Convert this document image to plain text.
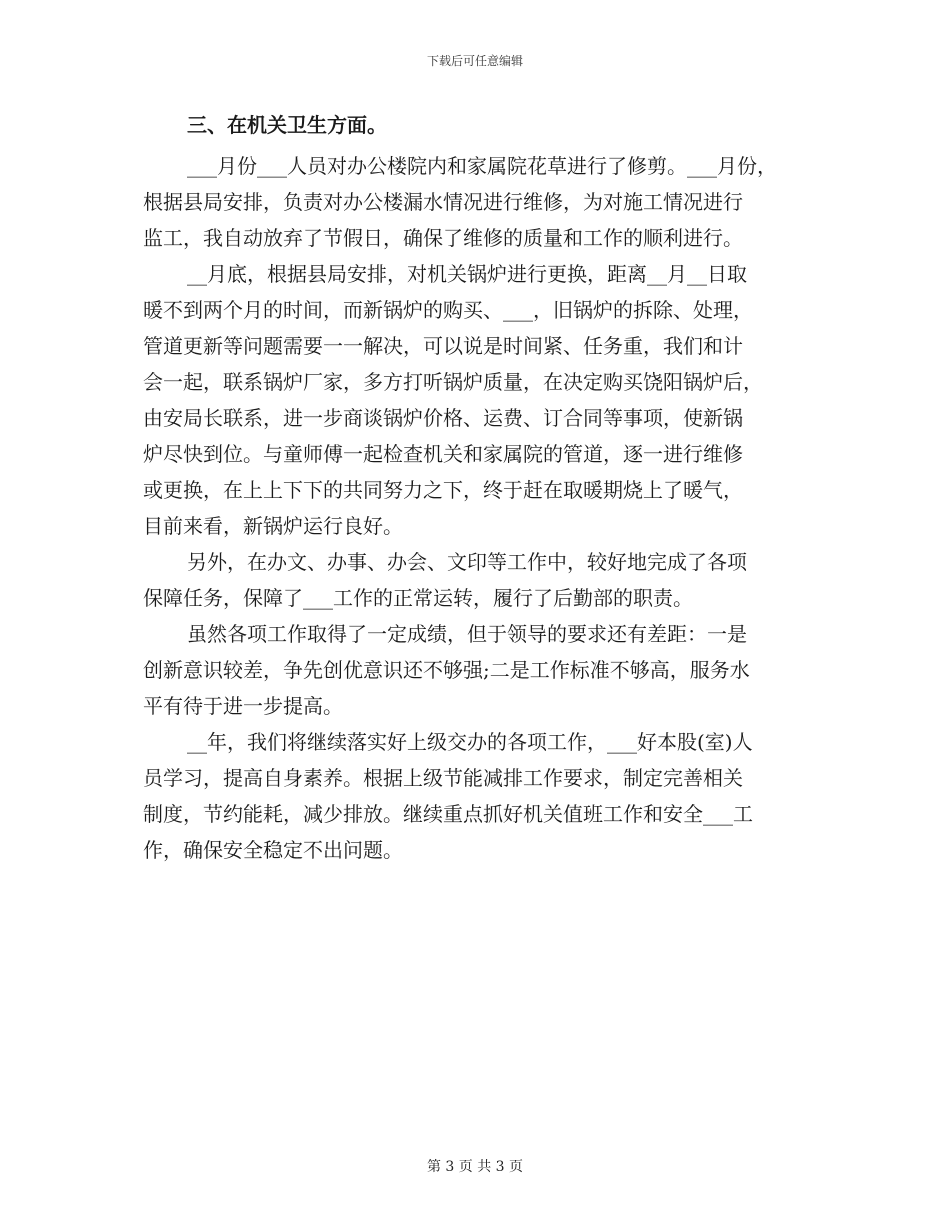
下载后可任意编辑
三、在机关卫生方面。
___月份___人员对办公楼院内和家属院花草进行了修剪。___月份，
根据县局安排，负责对办公楼漏水情况进行维修，为对施工情况进行
监工，我自动放弃了节假日，确保了维修的质量和工作的顺利进行。
__月底，根据县局安排，对机关锅炉进行更换，距离__月__日取
暖不到两个月的时间，而新锅炉的购买、___，旧锅炉的拆除、处理，
管道更新等问题需要一一解决，可以说是时间紧、任务重，我们和计
会一起，联系锅炉厂家，多方打听锅炉质量，在决定购买饶阳锅炉后，
由安局长联系，进一步商谈锅炉价格、运费、订合同等事项，使新锅
炉尽快到位。与童师傅一起检查机关和家属院的管道，逐一进行维修
或更换，在上上下下的共同努力之下，终于赶在取暖期烧上了暖气，
目前来看，新锅炉运行良好。
另外，在办文、办事、办会、文印等工作中，较好地完成了各项
保障任务，保障了___工作的正常运转，履行了后勤部的职责。
虽然各项工作取得了一定成绩，但于领导的要求还有差距：一是
创新意识较差，争先创优意识还不够强;二是工作标准不够高，服务水
平有待于进一步提高。
__年，我们将继续落实好上级交办的各项工作，___好本股(室)人
员学习，提高自身素养。根据上级节能减排工作要求，制定完善相关
制度，节约能耗，减少排放。继续重点抓好机关值班工作和安全___工
作，确保安全稳定不出问题。
第 3 页 共 3 页
